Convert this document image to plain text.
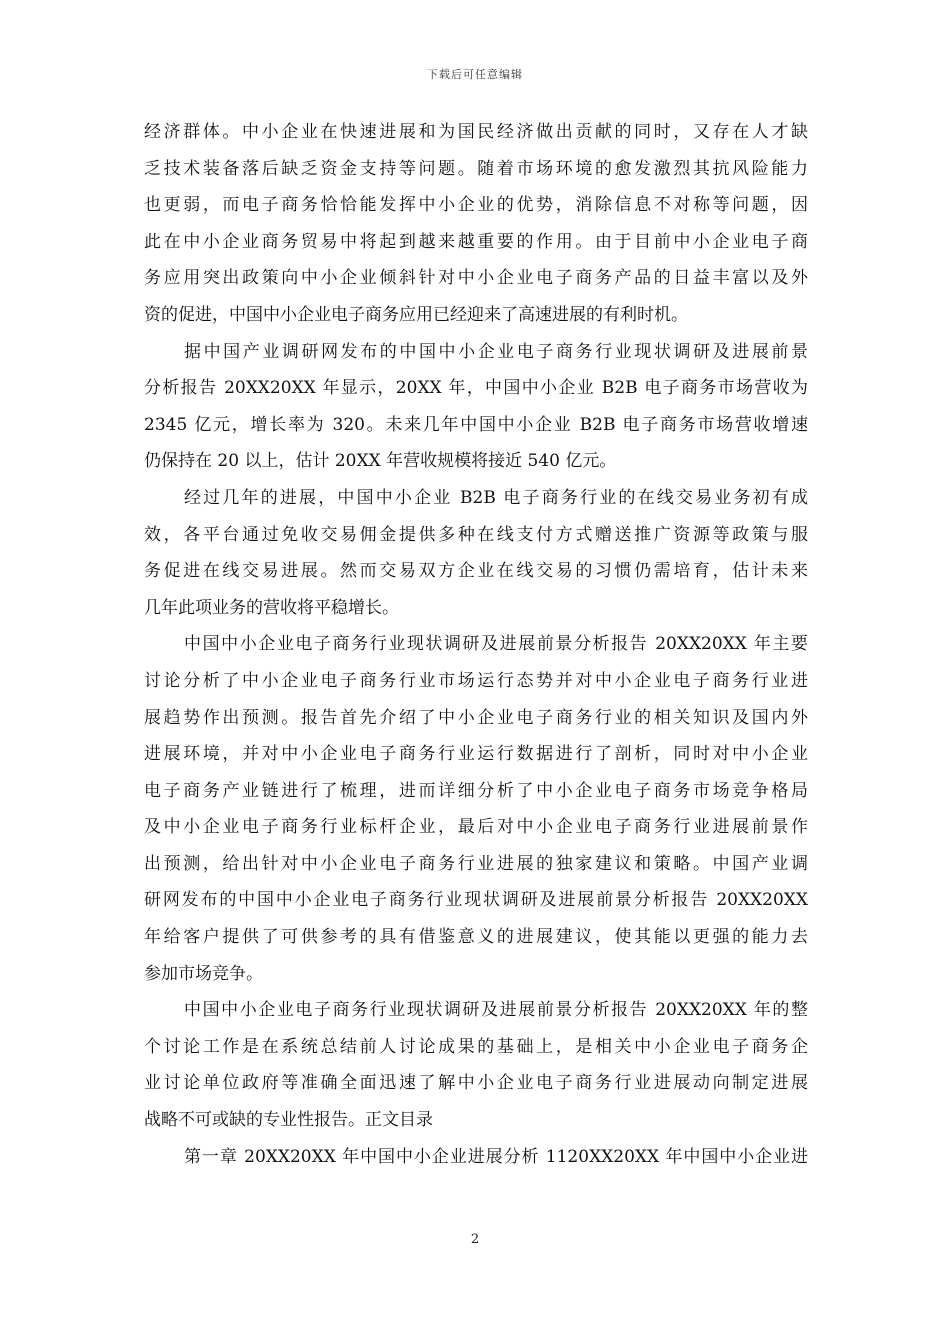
下载后可任意编辑
经济群体。中小企业在快速进展和为国民经济做出贡献的同时，又存在人才缺
乏技术装备落后缺乏资金支持等问题。随着市场环境的愈发激烈其抗风险能力
也更弱，而电子商务恰恰能发挥中小企业的优势，消除信息不对称等问题，因
此在中小企业商务贸易中将起到越来越重要的作用。由于目前中小企业电子商
务应用突出政策向中小企业倾斜针对中小企业电子商务产品的日益丰富以及外
资的促进，中国中小企业电子商务应用已经迎来了高速进展的有利时机。
据中国产业调研网发布的中国中小企业电子商务行业现状调研及进展前景
分析报告 20XX20XX 年显示，20XX 年，中国中小企业 B2B 电子商务市场营收为
2345 亿元，增长率为 320。未来几年中国中小企业 B2B 电子商务市场营收增速
仍保持在 20 以上，估计 20XX 年营收规模将接近 540 亿元。
经过几年的进展，中国中小企业 B2B 电子商务行业的在线交易业务初有成
效，各平台通过免收交易佣金提供多种在线支付方式赠送推广资源等政策与服
务促进在线交易进展。然而交易双方企业在线交易的习惯仍需培育，估计未来
几年此项业务的营收将平稳增长。
中国中小企业电子商务行业现状调研及进展前景分析报告 20XX20XX 年主要
讨论分析了中小企业电子商务行业市场运行态势并对中小企业电子商务行业进
展趋势作出预测。报告首先介绍了中小企业电子商务行业的相关知识及国内外
进展环境，并对中小企业电子商务行业运行数据进行了剖析，同时对中小企业
电子商务产业链进行了梳理，进而详细分析了中小企业电子商务市场竞争格局
及中小企业电子商务行业标杆企业，最后对中小企业电子商务行业进展前景作
出预测，给出针对中小企业电子商务行业进展的独家建议和策略。中国产业调
研网发布的中国中小企业电子商务行业现状调研及进展前景分析报告 20XX20XX
年给客户提供了可供参考的具有借鉴意义的进展建议，使其能以更强的能力去
参加市场竞争。
中国中小企业电子商务行业现状调研及进展前景分析报告 20XX20XX 年的整
个讨论工作是在系统总结前人讨论成果的基础上，是相关中小企业电子商务企
业讨论单位政府等准确全面迅速了解中小企业电子商务行业进展动向制定进展
战略不可或缺的专业性报告。正文目录
第一章 20XX20XX 年中国中小企业进展分析 1120XX20XX 年中国中小企业进
2
